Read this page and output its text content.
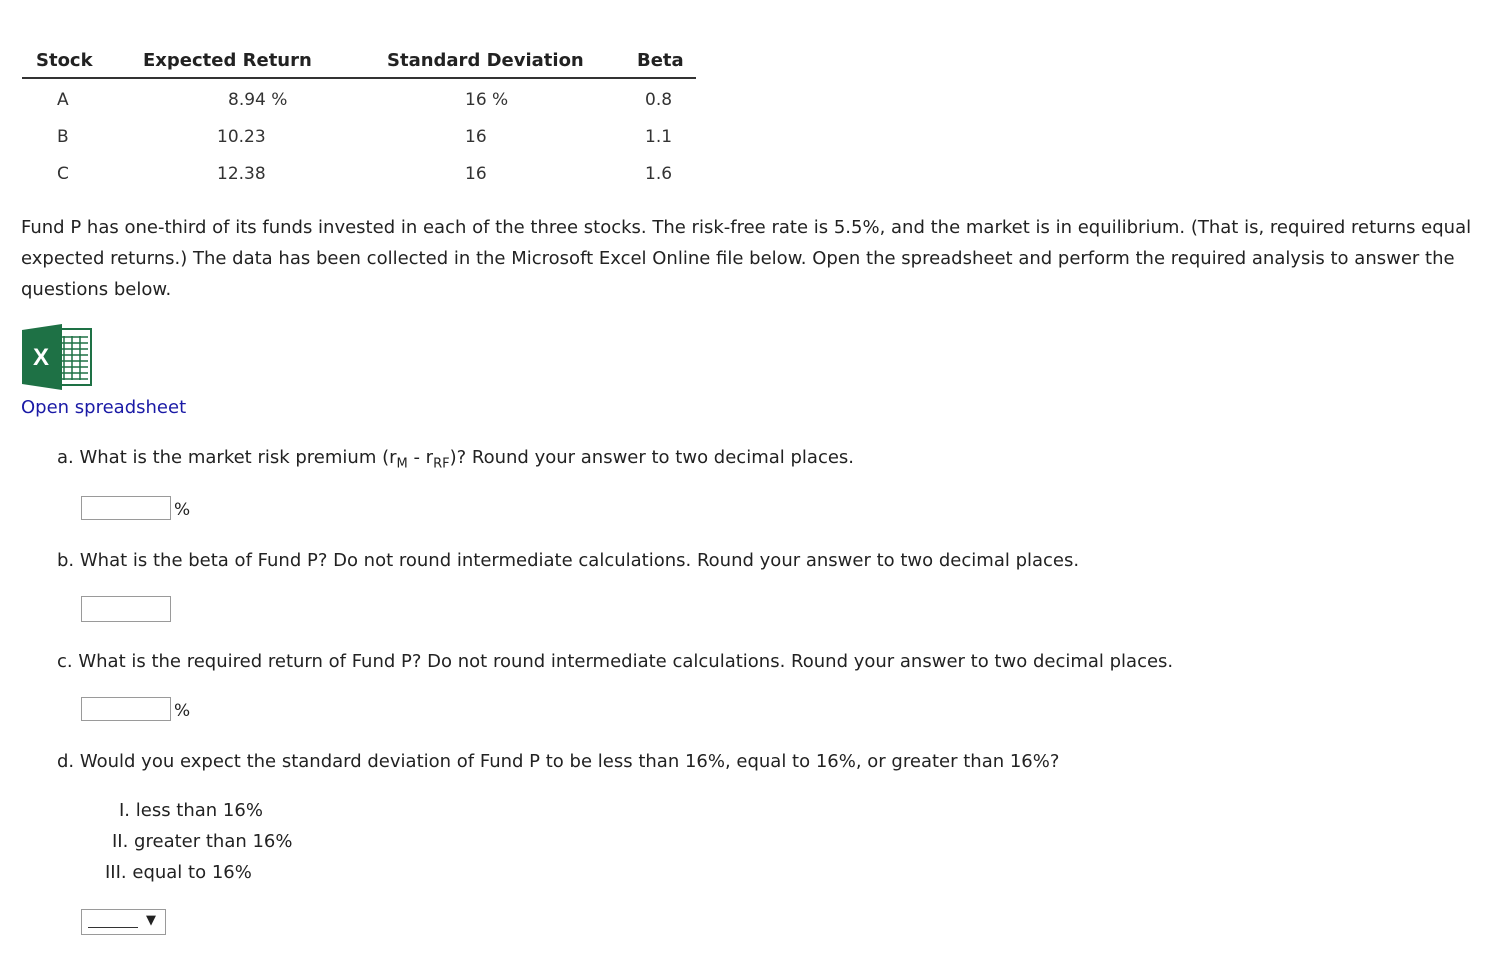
Stock	Expected Return	Standard Deviation	Beta
A	8.94 %	16 %	0.8
B	10.23	16	1.1
C	12.38	16	1.6
Fund P has one-third of its funds invested in each of the three stocks. The risk-free rate is 5.5%, and the market is in equilibrium. (That is, required returns equal expected returns.) The data has been collected in the Microsoft Excel Online file below. Open the spreadsheet and perform the required analysis to answer the questions below.
X
Open spreadsheet
a. What is the market risk premium $(r_M - r_{RF})$? Round your answer to two decimal places.
%
b. What is the beta of Fund P? Do not round intermediate calculations. Round your answer to two decimal places.
c. What is the required return of Fund P? Do not round intermediate calculations. Round your answer to two decimal places.
%
d. Would you expect the standard deviation of Fund P to be less than 16%, equal to 16%, or greater than 16%?
I. less than 16%
II. greater than 16%
III. equal to 16%
▼
